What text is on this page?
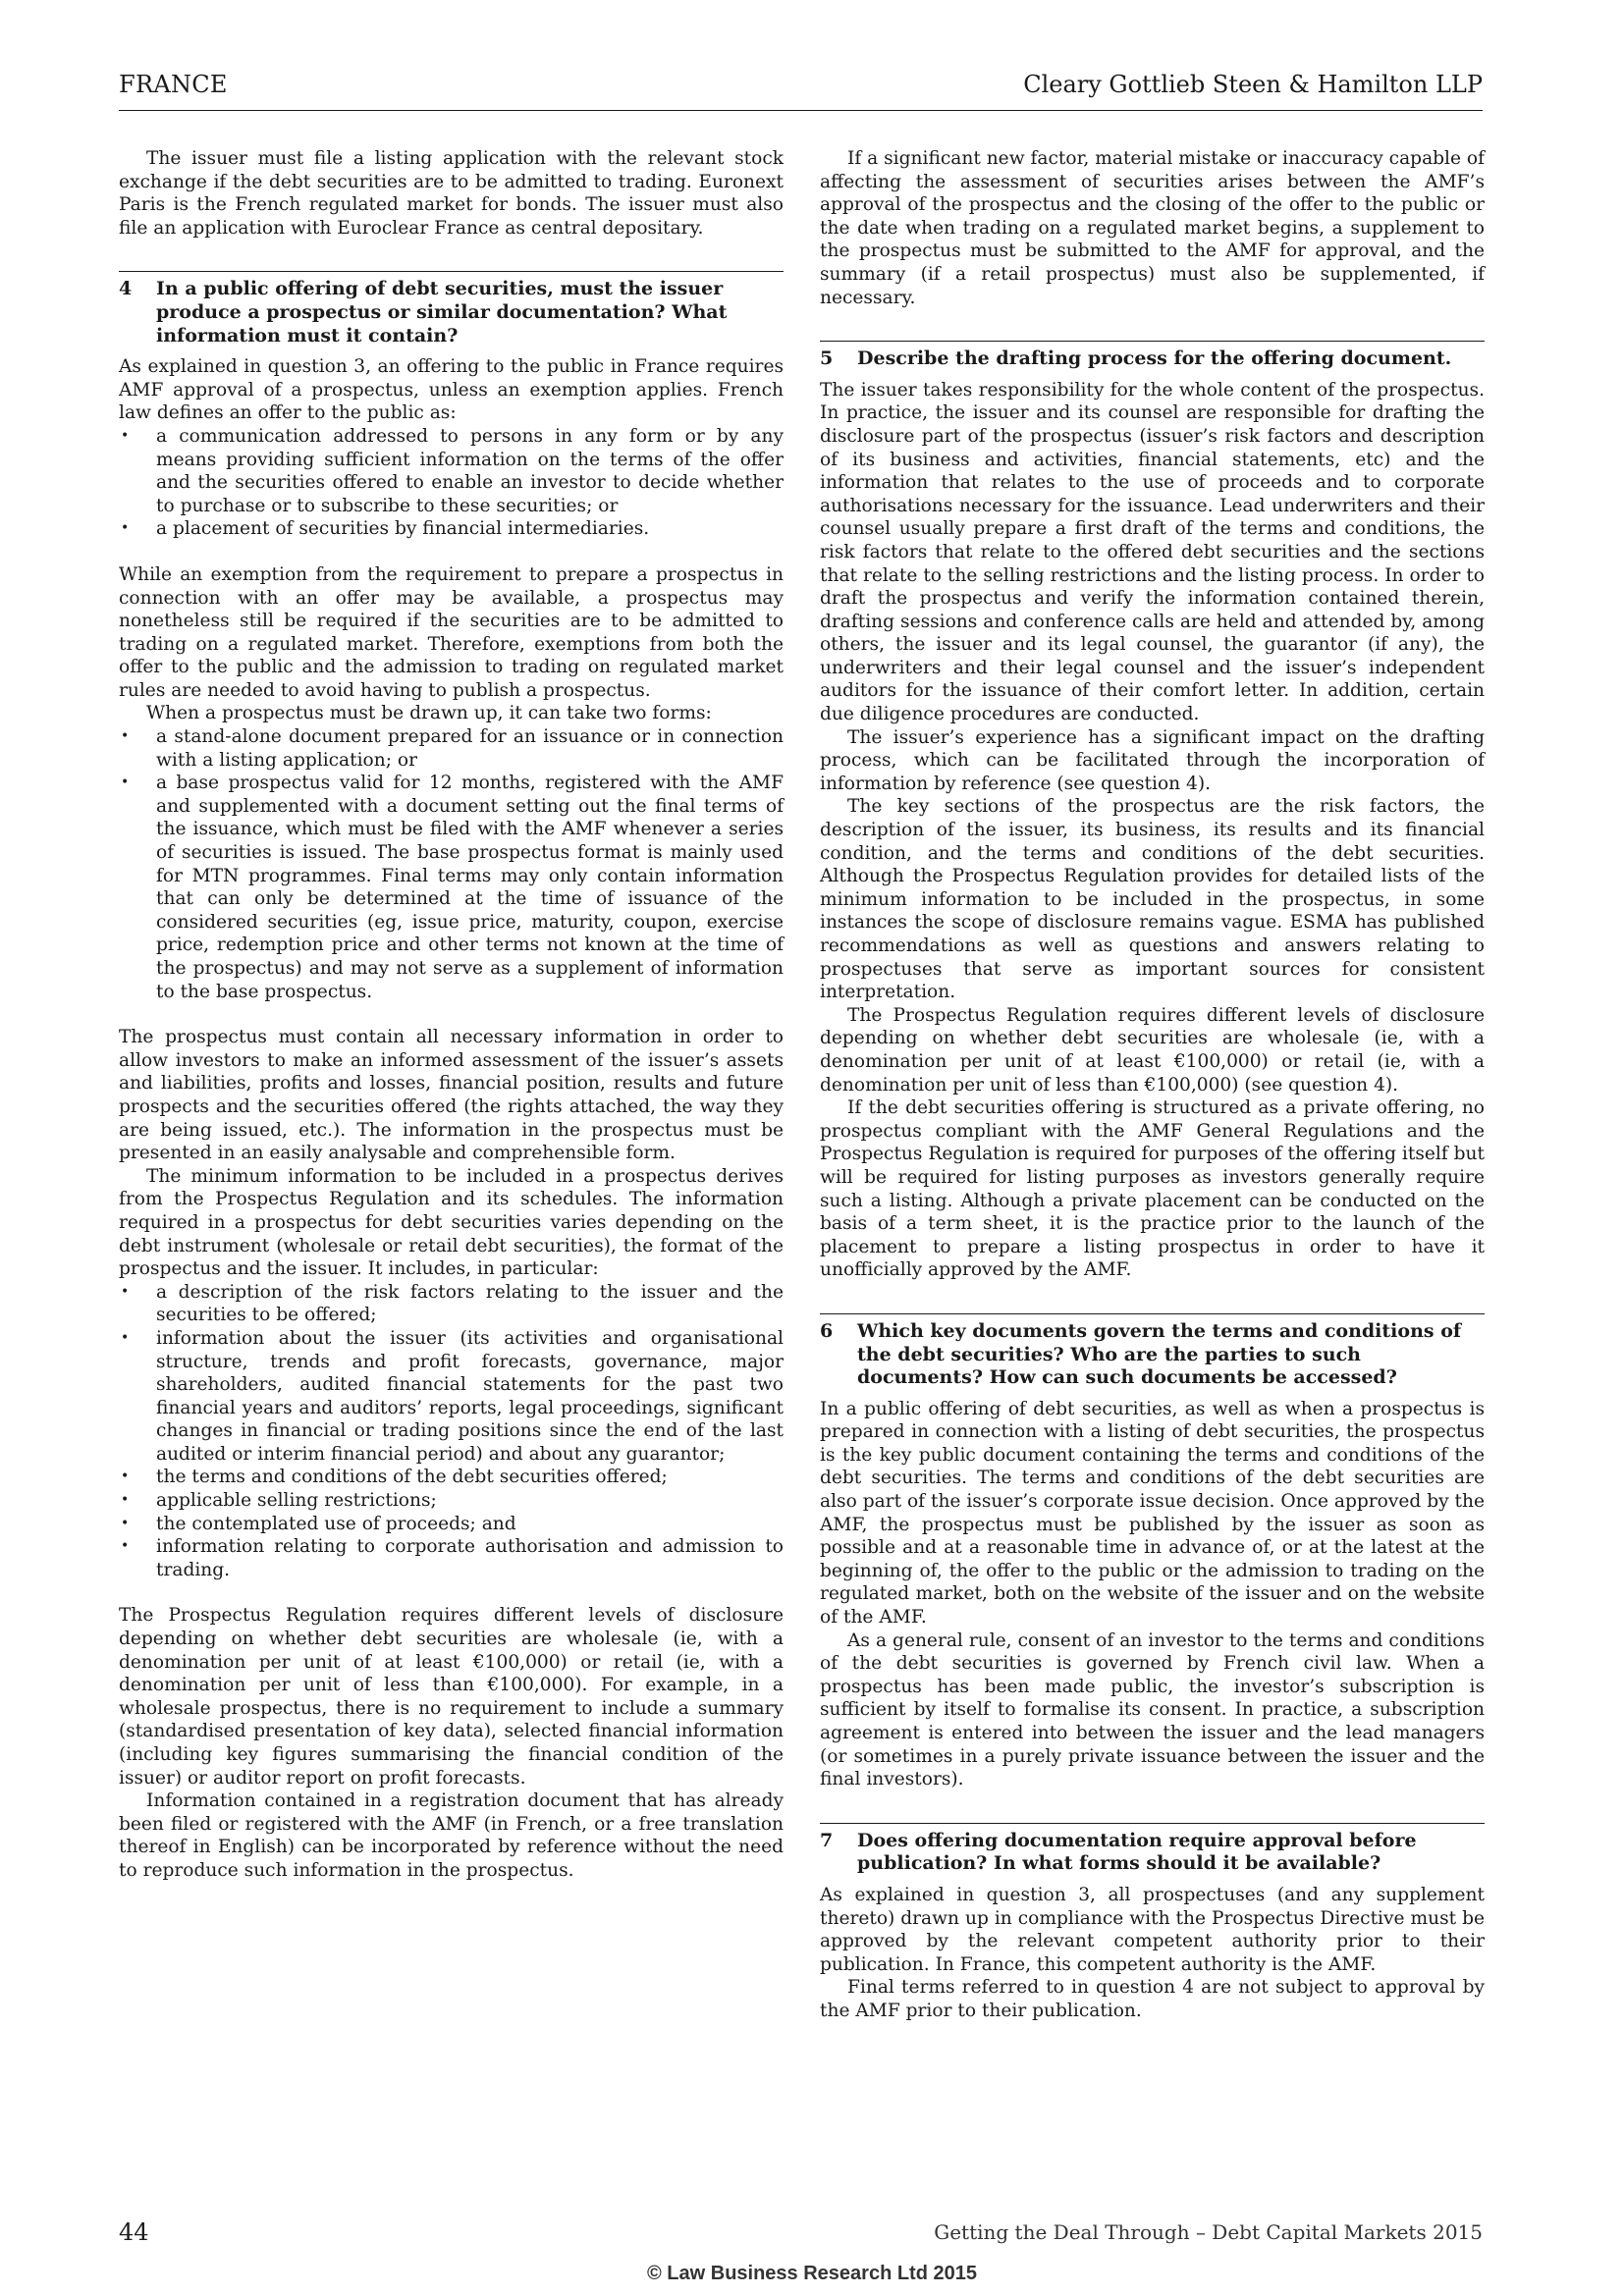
FRANCE	Cleary Gottlieb Steen & Hamilton LLP

The issuer must file a listing application with the relevant stock exchange if the debt securities are to be admitted to trading. Euronext Paris is the French regulated market for bonds. The issuer must also file an application with Euroclear France as central depositary.

4	In a public offering of debt securities, must the issuer produce a prospectus or similar documentation? What information must it contain?

As explained in question 3, an offering to the public in France requires AMF approval of a prospectus, unless an exemption applies. French law defines an offer to the public as:

• a communication addressed to persons in any form or by any means providing sufficient information on the terms of the offer and the securities offered to enable an investor to decide whether to purchase or to subscribe to these securities; or
• a placement of securities by financial intermediaries.

While an exemption from the requirement to prepare a prospectus in connection with an offer may be available, a prospectus may nonetheless still be required if the securities are to be admitted to trading on a regulated market. Therefore, exemptions from both the offer to the public and the admission to trading on regulated market rules are needed to avoid having to publish a prospectus.

When a prospectus must be drawn up, it can take two forms:

• a stand-alone document prepared for an issuance or in connection with a listing application; or
• a base prospectus valid for 12 months, registered with the AMF and supplemented with a document setting out the final terms of the issuance, which must be filed with the AMF whenever a series of securities is issued. The base prospectus format is mainly used for MTN programmes. Final terms may only contain information that can only be determined at the time of issuance of the considered securities (eg, issue price, maturity, coupon, exercise price, redemption price and other terms not known at the time of the prospectus) and may not serve as a supplement of information to the base prospectus.

The prospectus must contain all necessary information in order to allow investors to make an informed assessment of the issuer’s assets and liabilities, profits and losses, financial position, results and future prospects and the securities offered (the rights attached, the way they are being issued, etc.). The information in the prospectus must be presented in an easily analysable and comprehensible form.

The minimum information to be included in a prospectus derives from the Prospectus Regulation and its schedules. The information required in a prospectus for debt securities varies depending on the debt instrument (wholesale or retail debt securities), the format of the prospectus and the issuer. It includes, in particular:

• a description of the risk factors relating to the issuer and the securities to be offered;
• information about the issuer (its activities and organisational structure, trends and profit forecasts, governance, major shareholders, audited financial statements for the past two financial years and auditors’ reports, legal proceedings, significant changes in financial or trading positions since the end of the last audited or interim financial period) and about any guarantor;
• the terms and conditions of the debt securities offered;
• applicable selling restrictions;
• the contemplated use of proceeds; and
• information relating to corporate authorisation and admission to trading.

The Prospectus Regulation requires different levels of disclosure depending on whether debt securities are wholesale (ie, with a denomination per unit of at least €100,000) or retail (ie, with a denomination per unit of less than €100,000). For example, in a wholesale prospectus, there is no requirement to include a summary (standardised presentation of key data), selected financial information (including key figures summarising the financial condition of the issuer) or auditor report on profit forecasts.

Information contained in a registration document that has already been filed or registered with the AMF (in French, or a free translation thereof in English) can be incorporated by reference without the need to reproduce such information in the prospectus.

If a significant new factor, material mistake or inaccuracy capable of affecting the assessment of securities arises between the AMF’s approval of the prospectus and the closing of the offer to the public or the date when trading on a regulated market begins, a supplement to the prospectus must be submitted to the AMF for approval, and the summary (if a retail prospectus) must also be supplemented, if necessary.

5	Describe the drafting process for the offering document.

The issuer takes responsibility for the whole content of the prospectus. In practice, the issuer and its counsel are responsible for drafting the disclosure part of the prospectus (issuer’s risk factors and description of its business and activities, financial statements, etc) and the information that relates to the use of proceeds and to corporate authorisations necessary for the issuance. Lead underwriters and their counsel usually prepare a first draft of the terms and conditions, the risk factors that relate to the offered debt securities and the sections that relate to the selling restrictions and the listing process. In order to draft the prospectus and verify the information contained therein, drafting sessions and conference calls are held and attended by, among others, the issuer and its legal counsel, the guarantor (if any), the underwriters and their legal counsel and the issuer’s independent auditors for the issuance of their comfort letter. In addition, certain due diligence procedures are conducted.

The issuer’s experience has a significant impact on the drafting process, which can be facilitated through the incorporation of information by reference (see question 4).

The key sections of the prospectus are the risk factors, the description of the issuer, its business, its results and its financial condition, and the terms and conditions of the debt securities. Although the Prospectus Regulation provides for detailed lists of the minimum information to be included in the prospectus, in some instances the scope of disclosure remains vague. ESMA has published recommendations as well as questions and answers relating to prospectuses that serve as important sources for consistent interpretation.

The Prospectus Regulation requires different levels of disclosure depending on whether debt securities are wholesale (ie, with a denomination per unit of at least €100,000) or retail (ie, with a denomination per unit of less than €100,000) (see question 4).

If the debt securities offering is structured as a private offering, no prospectus compliant with the AMF General Regulations and the Prospectus Regulation is required for purposes of the offering itself but will be required for listing purposes as investors generally require such a listing. Although a private placement can be conducted on the basis of a term sheet, it is the practice prior to the launch of the placement to prepare a listing prospectus in order to have it unofficially approved by the AMF.

6	Which key documents govern the terms and conditions of the debt securities? Who are the parties to such documents? How can such documents be accessed?

In a public offering of debt securities, as well as when a prospectus is prepared in connection with a listing of debt securities, the prospectus is the key public document containing the terms and conditions of the debt securities. The terms and conditions of the debt securities are also part of the issuer’s corporate issue decision. Once approved by the AMF, the prospectus must be published by the issuer as soon as possible and at a reasonable time in advance of, or at the latest at the beginning of, the offer to the public or the admission to trading on the regulated market, both on the website of the issuer and on the website of the AMF.

As a general rule, consent of an investor to the terms and conditions of the debt securities is governed by French civil law. When a prospectus has been made public, the investor’s subscription is sufficient by itself to formalise its consent. In practice, a subscription agreement is entered into between the issuer and the lead managers (or sometimes in a purely private issuance between the issuer and the final investors).

7	Does offering documentation require approval before publication? In what forms should it be available?

As explained in question 3, all prospectuses (and any supplement thereto) drawn up in compliance with the Prospectus Directive must be approved by the relevant competent authority prior to their publication. In France, this competent authority is the AMF.

Final terms referred to in question 4 are not subject to approval by the AMF prior to their publication.

44	Getting the Deal Through – Debt Capital Markets 2015
© Law Business Research Ltd 2015
